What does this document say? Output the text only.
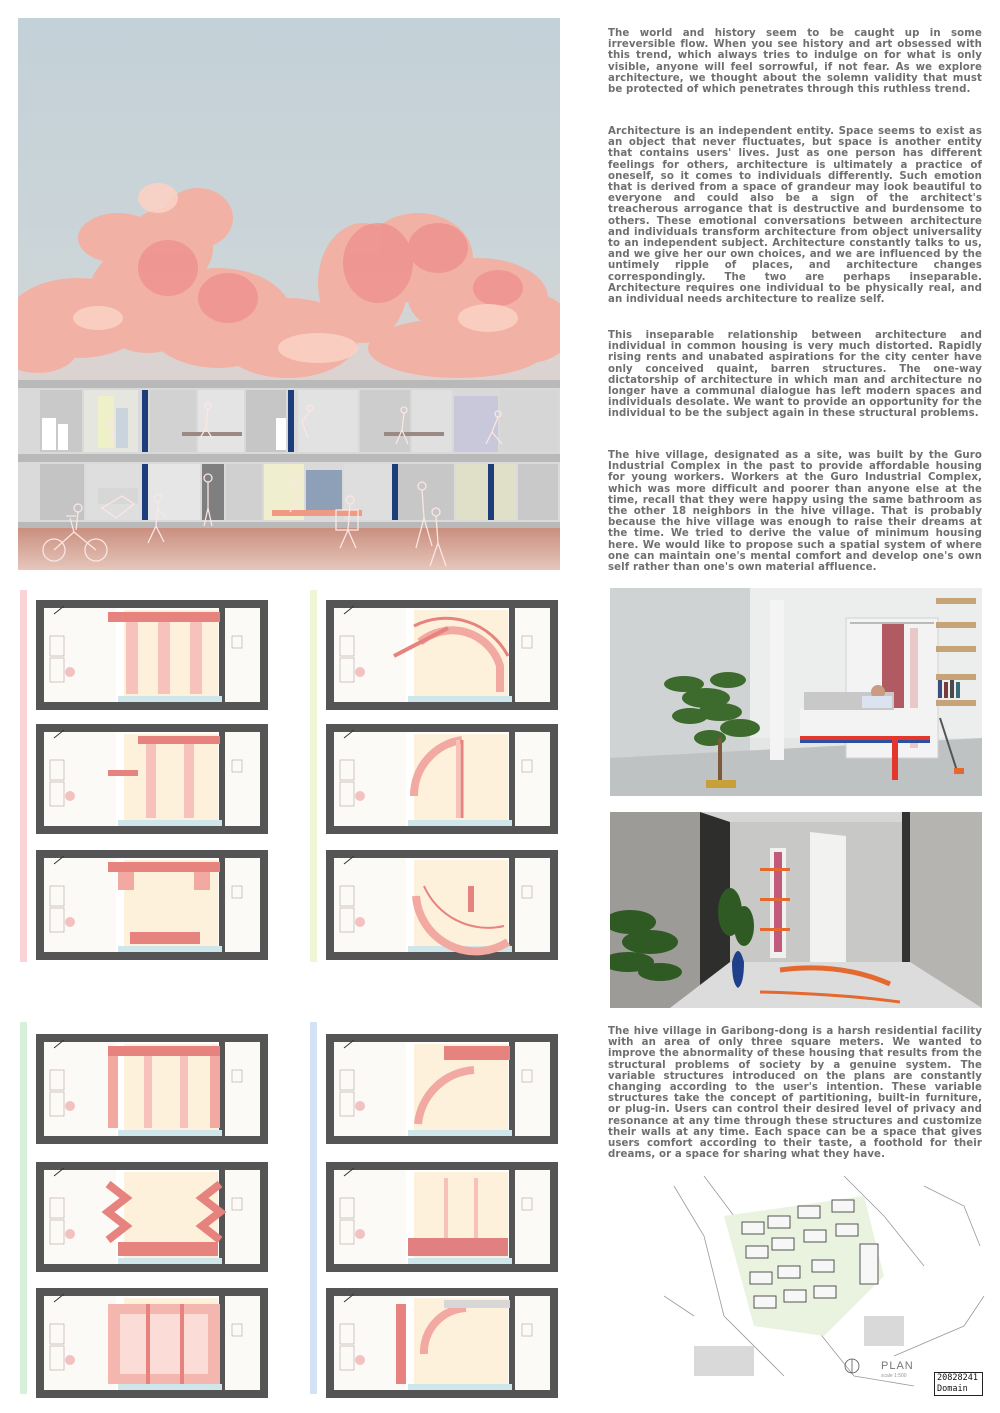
The world and history seem to be caught up in some irreversible flow. When you see history and art obsessed with this trend, which always tries to indulge on for what is only visible, anyone will feel sorrowful, if not fear. As we explore architecture, we thought about the solemn validity that must be protected of which penetrates through this ruthless trend.

Architecture is an independent entity. Space seems to exist as an object that never fluctuates, but space is another entity that contains users' lives. Just as one person has different feelings for others, architecture is ultimately a practice of oneself, so it comes to individuals differently. Such emotion that is derived from a space of grandeur may look beautiful to everyone and could also be a sign of the architect's treacherous arrogance that is destructive and burdensome to others. These emotional conversations between architecture and individuals transform architecture from object universality to an independent subject. Architecture constantly talks to us, and we give her our own choices, and we are influenced by the untimely ripple of places, and architecture changes correspondingly. The two are perhaps inseparable. Architecture requires one individual to be physically real, and an individual needs architecture to realize self.

This inseparable relationship between architecture and individual in common housing is very much distorted. Rapidly rising rents and unabated aspirations for the city center have only conceived quaint, barren structures. The one-way dictatorship of architecture in which man and architecture no longer have a communal dialogue has left modern spaces and individuals desolate. We want to provide an opportunity for the individual to be the subject again in these structural problems.

The hive village, designated as a site, was built by the Guro Industrial Complex in the past to provide affordable housing for young workers. Workers at the Guro Industrial Complex, which was more difficult and poorer than anyone else at the time, recall that they were happy using the same bathroom as the other 18 neighbors in the hive village. That is probably because the hive village was enough to raise their dreams at the time. We tried to derive the value of minimum housing here. We would like to propose such a spatial system of where one can maintain one's mental comfort and develop one's own self rather than one's own material affluence.

The hive village in Garibong-dong is a harsh residential facility with an area of only three square meters. We wanted to improve the abnormality of these housing that results from the structural problems of society by a genuine system. The variable structures introduced on the plans are constantly changing according to the user's intention. These variable structures take the concept of partitioning, built-in furniture, or plug-in. Users can control their desired level of privacy and resonance at any time through these structures and customize their walls at any time. Each space can be a space that gives users comfort according to their taste, a foothold for their dreams, or a space for sharing what they have.

PLAN
scale 1:500	20828241
Domain
